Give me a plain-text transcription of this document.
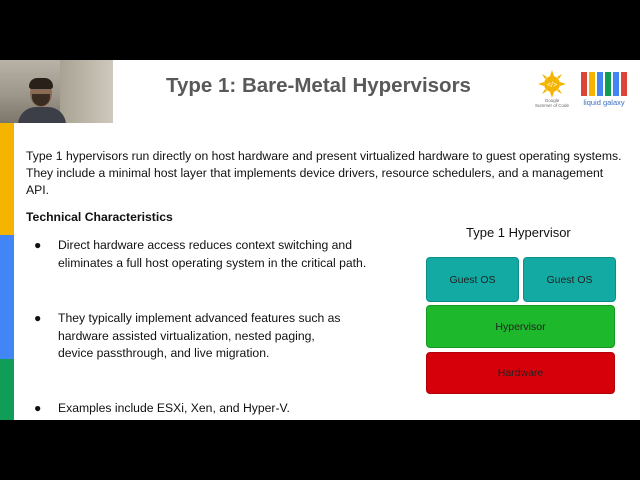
Type 1: Bare-Metal Hypervisors	</>
Google
Summer of Code	liquid galaxy
Type 1 hypervisors run directly on host hardware and present virtualized hardware to guest operating systems. They include a minimal host layer that implements device drivers, resource schedulers, and a management API.
Technical Characteristics
●	Direct hardware access reduces context switching and
eliminates a full host operating system in the critical path.
●	They typically implement advanced features such as
hardware assisted virtualization, nested paging,
device passthrough, and live migration.
●	Examples include ESXi, Xen, and Hyper-V.
Type 1 Hypervisor
Guest OS	Guest OS
Hypervisor
Hardware
